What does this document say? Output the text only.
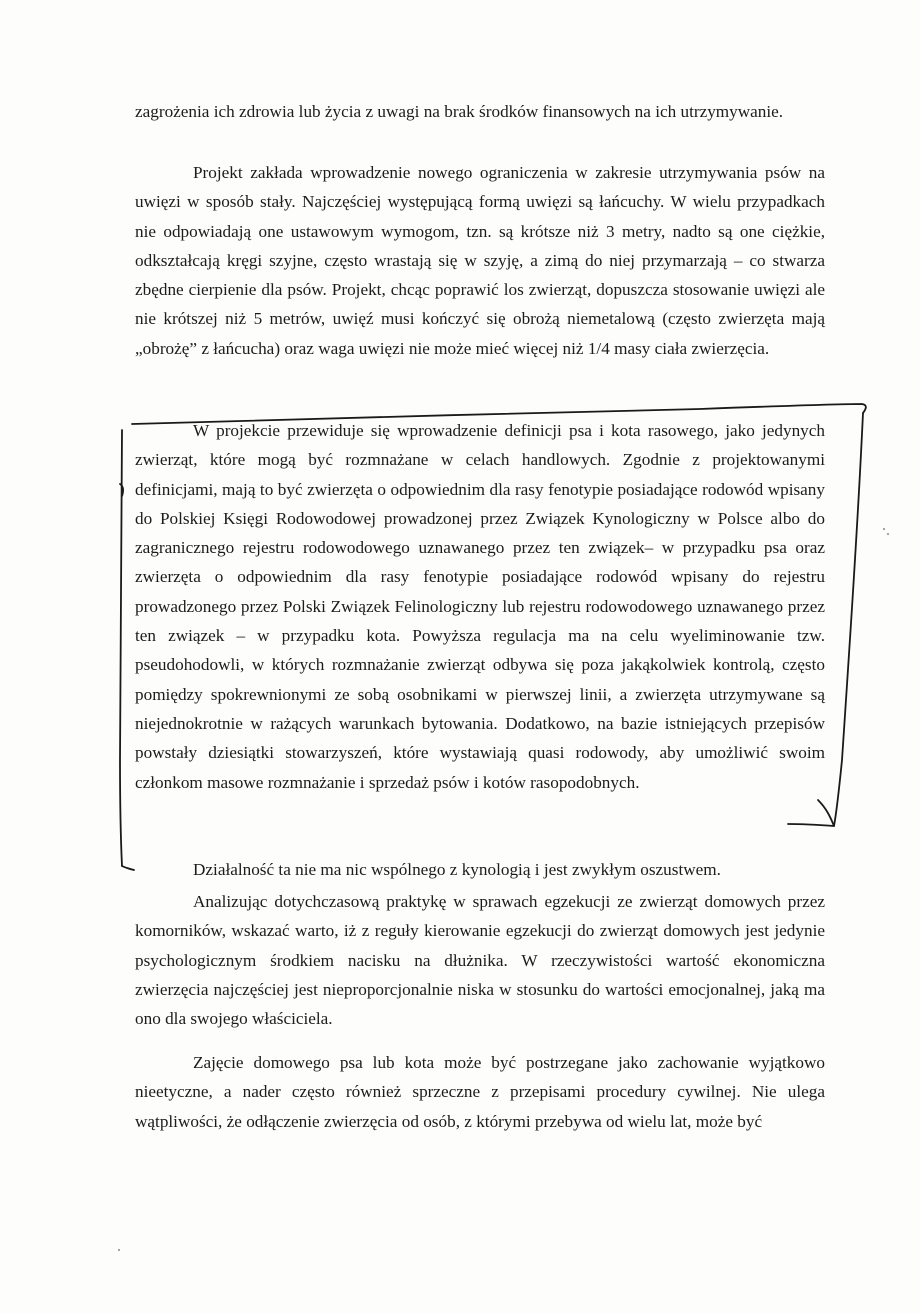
zagrożenia ich zdrowia lub życia z uwagi na brak środków finansowych na ich utrzymywanie.

Projekt zakłada wprowadzenie nowego ograniczenia w zakresie utrzymywania psów na uwięzi w sposób stały. Najczęściej występującą formą uwięzi są łańcuchy. W wielu przypadkach nie odpowiadają one ustawowym wymogom, tzn. są krótsze niż 3 metry, nadto są one ciężkie, odkształcają kręgi szyjne, często wrastają się w szyję, a zimą do niej przymarzają – co stwarza zbędne cierpienie dla psów. Projekt, chcąc poprawić los zwierząt, dopuszcza stosowanie uwięzi ale nie krótszej niż 5 metrów, uwięź musi kończyć się obrożą niemetalową (często zwierzęta mają „obrożę” z łańcucha) oraz waga uwięzi nie może mieć więcej niż 1/4 masy ciała zwierzęcia.

W projekcie przewiduje się wprowadzenie definicji psa i kota rasowego, jako jedynych zwierząt, które mogą być rozmnażane w celach handlowych. Zgodnie z projektowanymi definicjami, mają to być zwierzęta o odpowiednim dla rasy fenotypie posiadające rodowód wpisany do Polskiej Księgi Rodowodowej prowadzonej przez Związek Kynologiczny w Polsce albo do zagranicznego rejestru rodowodowego uznawanego przez ten związek– w przypadku psa oraz zwierzęta o odpowiednim dla rasy fenotypie posiadające rodowód wpisany do rejestru prowadzonego przez Polski Związek Felinologiczny lub rejestru rodowodowego uznawanego przez ten związek – w przypadku kota. Powyższa regulacja ma na celu wyeliminowanie tzw. pseudohodowli, w których rozmnażanie zwierząt odbywa się poza jakąkolwiek kontrolą, często pomiędzy spokrewnionymi ze sobą osobnikami w pierwszej linii, a zwierzęta utrzymywane są niejednokrotnie w rażących warunkach bytowania. Dodatkowo, na bazie istniejących przepisów powstały dziesiątki stowarzyszeń, które wystawiają quasi rodowody, aby umożliwić swoim członkom masowe rozmnażanie i sprzedaż psów i kotów rasopodobnych.

Działalność ta nie ma nic wspólnego z kynologią i jest zwykłym oszustwem.

Analizując dotychczasową praktykę w sprawach egzekucji ze zwierząt domowych przez komorników, wskazać warto, iż z reguły kierowanie egzekucji do zwierząt domowych jest jedynie psychologicznym środkiem nacisku na dłużnika. W rzeczywistości wartość ekonomiczna zwierzęcia najczęściej jest nieproporcjonalnie niska w stosunku do wartości emocjonalnej, jaką ma ono dla swojego właściciela.

Zajęcie domowego psa lub kota może być postrzegane jako zachowanie wyjątkowo nieetyczne, a nader często również sprzeczne z przepisami procedury cywilnej. Nie ulega wątpliwości, że odłączenie zwierzęcia od osób, z którymi przebywa od wielu lat, może być
